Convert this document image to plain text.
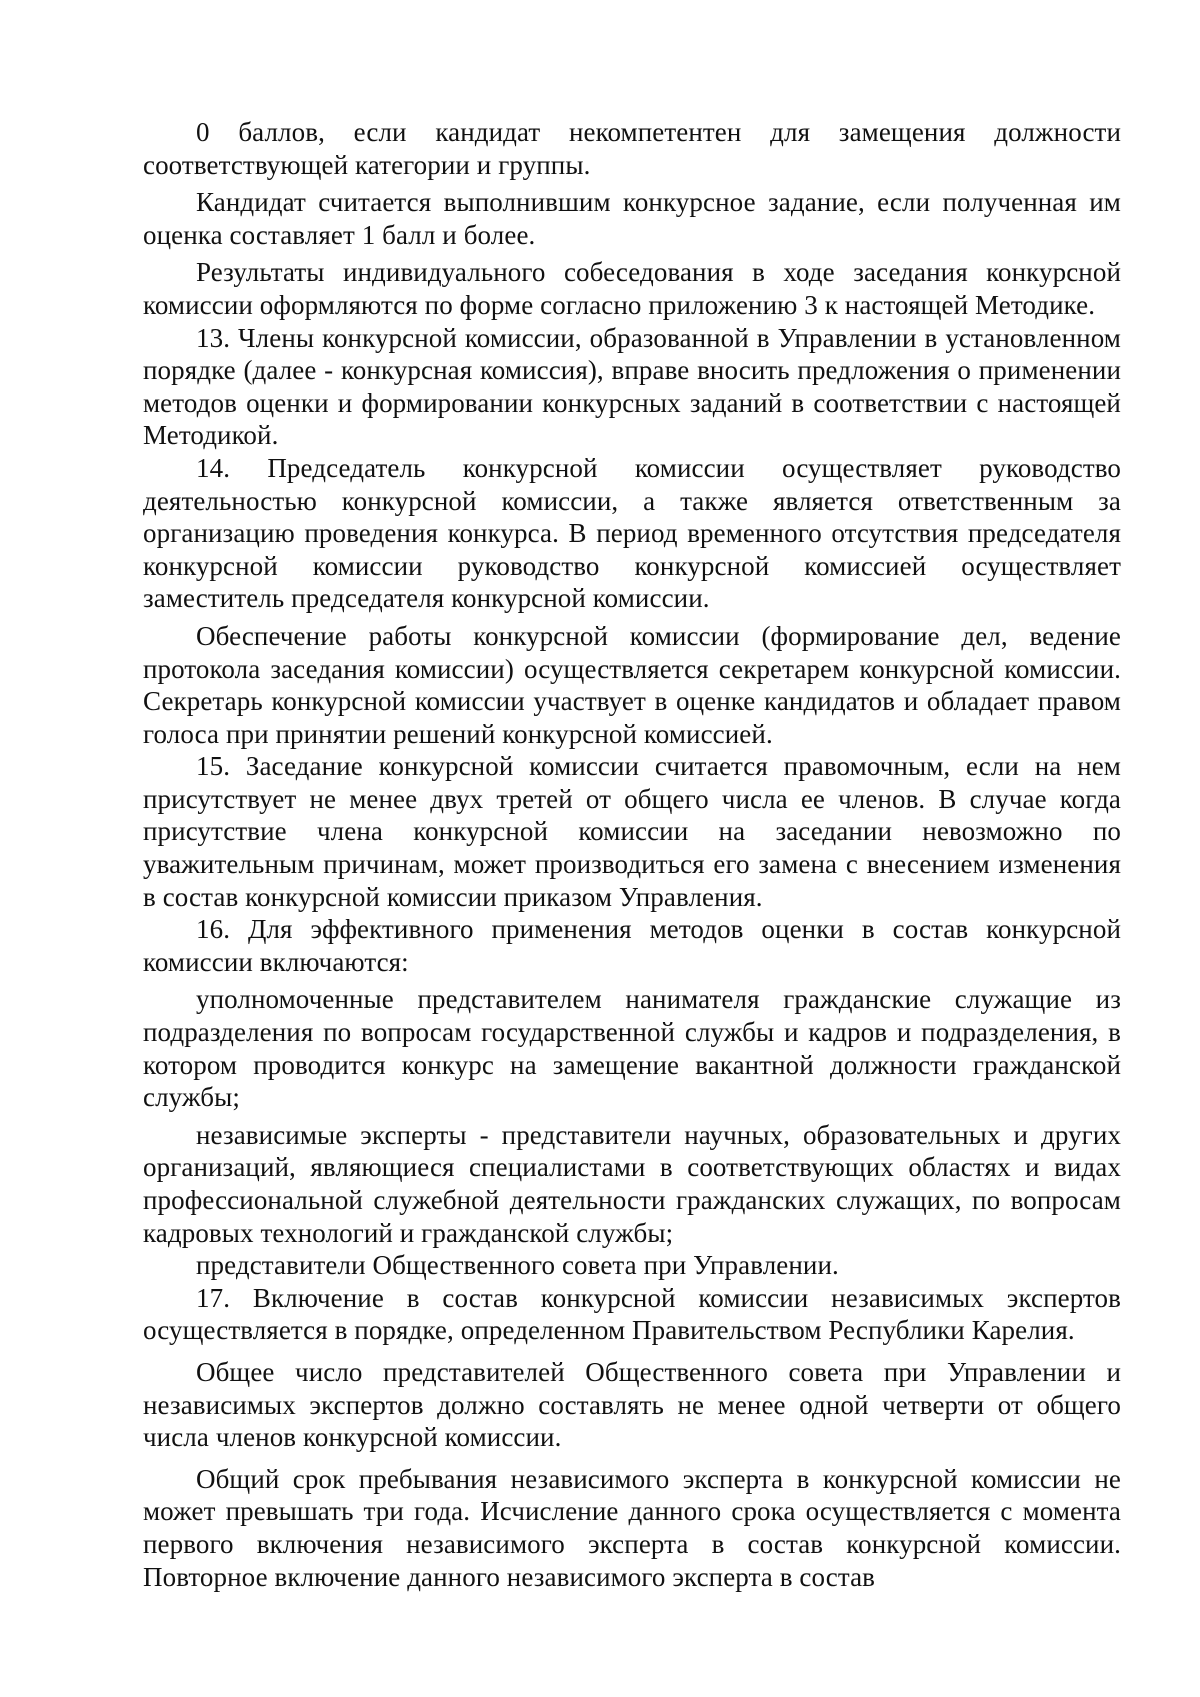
0 баллов, если кандидат некомпетентен для замещения должности соответствующей категории и группы.

Кандидат считается выполнившим конкурсное задание, если полученная им оценка составляет 1 балл и более.

Результаты индивидуального собеседования в ходе заседания конкурсной комиссии оформляются по форме согласно приложению 3 к настоящей Методике.

13. Члены конкурсной комиссии, образованной в Управлении в установленном порядке (далее - конкурсная комиссия), вправе вносить предложения о применении методов оценки и формировании конкурсных заданий в соответствии с настоящей Методикой.

14. Председатель конкурсной комиссии осуществляет руководство деятельностью конкурсной комиссии, а также является ответственным за организацию проведения конкурса. В период временного отсутствия председателя конкурсной комиссии руководство конкурсной комиссией осуществляет заместитель председателя конкурсной комиссии.

Обеспечение работы конкурсной комиссии (формирование дел, ведение протокола заседания комиссии) осуществляется секретарем конкурсной комиссии. Секретарь конкурсной комиссии участвует в оценке кандидатов и обладает правом голоса при принятии решений конкурсной комиссией.

15. Заседание конкурсной комиссии считается правомочным, если на нем присутствует не менее двух третей от общего числа ее членов. В случае когда присутствие члена конкурсной комиссии на заседании невозможно по уважительным причинам, может производиться его замена с внесением изменения в состав конкурсной комиссии приказом Управления.

16. Для эффективного применения методов оценки в состав конкурсной комиссии включаются:

уполномоченные представителем нанимателя гражданские служащие из подразделения по вопросам государственной службы и кадров и подразделения, в котором проводится конкурс на замещение вакантной должности гражданской службы;

независимые эксперты - представители научных, образовательных и других организаций, являющиеся специалистами в соответствующих областях и видах профессиональной служебной деятельности гражданских служащих, по вопросам кадровых технологий и гражданской службы;

представители Общественного совета при Управлении.

17. Включение в состав конкурсной комиссии независимых экспертов осуществляется в порядке, определенном Правительством Республики Карелия.

Общее число представителей Общественного совета при Управлении и независимых экспертов должно составлять не менее одной четверти от общего числа членов конкурсной комиссии.

Общий срок пребывания независимого эксперта в конкурсной комиссии не может превышать три года. Исчисление данного срока осуществляется с момента первого включения независимого эксперта в состав конкурсной комиссии. Повторное включение данного независимого эксперта в состав
